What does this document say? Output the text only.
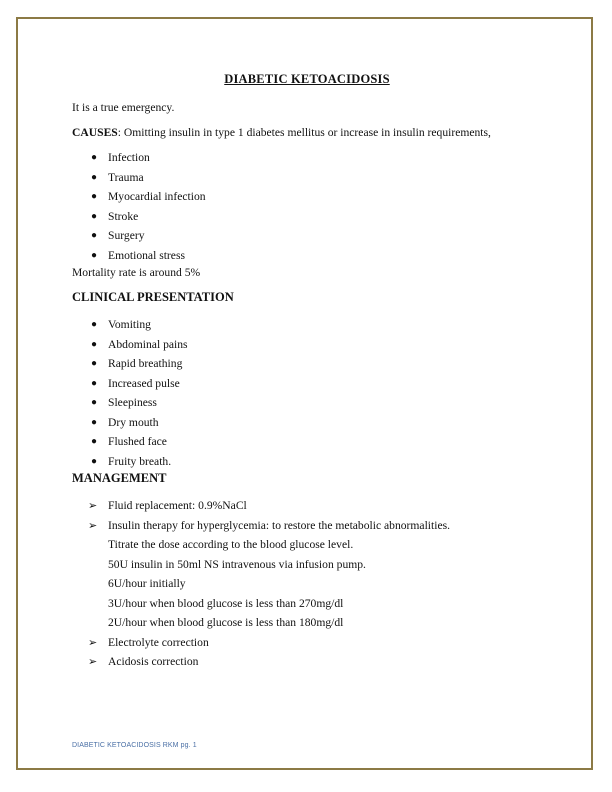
DIABETIC KETOACIDOSIS

It is a true emergency.

CAUSES: Omitting insulin in type 1 diabetes mellitus or increase in insulin requirements,

● Infection
● Trauma
● Myocardial infection
● Stroke
● Surgery
● Emotional stress

Mortality rate is around 5%

CLINICAL PRESENTATION

● Vomiting
● Abdominal pains
● Rapid breathing
● Increased pulse
● Sleepiness
● Dry mouth
● Flushed face
● Fruity breath.

MANAGEMENT

➢ Fluid replacement: 0.9%NaCl
➢ Insulin therapy for hyperglycemia: to restore the metabolic abnormalities.
Titrate the dose according to the blood glucose level.
50U insulin in 50ml NS intravenous via infusion pump.
6U/hour initially
3U/hour when blood glucose is less than 270mg/dl
2U/hour when blood glucose is less than 180mg/dl
➢ Electrolyte correction
➢ Acidosis correction
DIABETIC KETOACIDOSIS RKM pg. 1
